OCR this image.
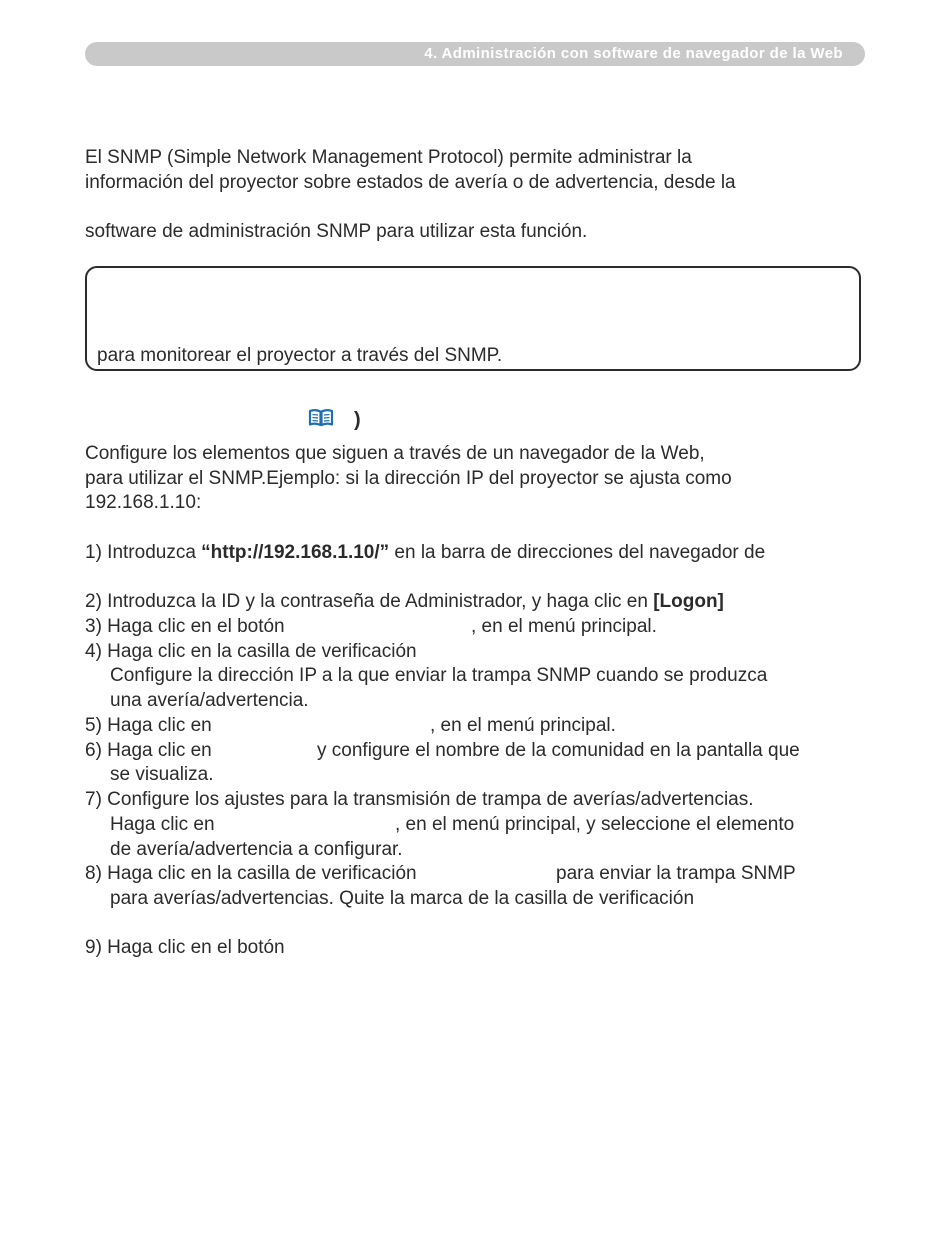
4. Administración con software de navegador de la Web
El SNMP (Simple Network Management Protocol) permite administrar la
información del proyector sobre estados de avería o de advertencia, desde la
software de administración SNMP para utilizar esta función.
para monitorear el proyector a través del SNMP.
)
Configure los elementos que siguen a través de un navegador de la Web,
para utilizar el SNMP.Ejemplo: si la dirección IP del proyector se ajusta como
192.168.1.10:
1) Introduzca “http://192.168.1.10/” en la barra de direcciones del navegador de
2) Introduzca la ID y la contraseña de Administrador, y haga clic en [Logon]
3) Haga clic en el botón	, en el menú principal.
4) Haga clic en la casilla de verificación
Configure la dirección IP a la que enviar la trampa SNMP cuando se produzca
una avería/advertencia.
5) Haga clic en	, en el menú principal.
6) Haga clic en	y configure el nombre de la comunidad en la pantalla que
se visualiza.
7) Configure los ajustes para la transmisión de trampa de averías/advertencias.
Haga clic en	, en el menú principal, y seleccione el elemento
de avería/advertencia a configurar.
8) Haga clic en la casilla de verificación	para enviar la trampa SNMP
para averías/advertencias. Quite la marca de la casilla de verificación
9) Haga clic en el botón
